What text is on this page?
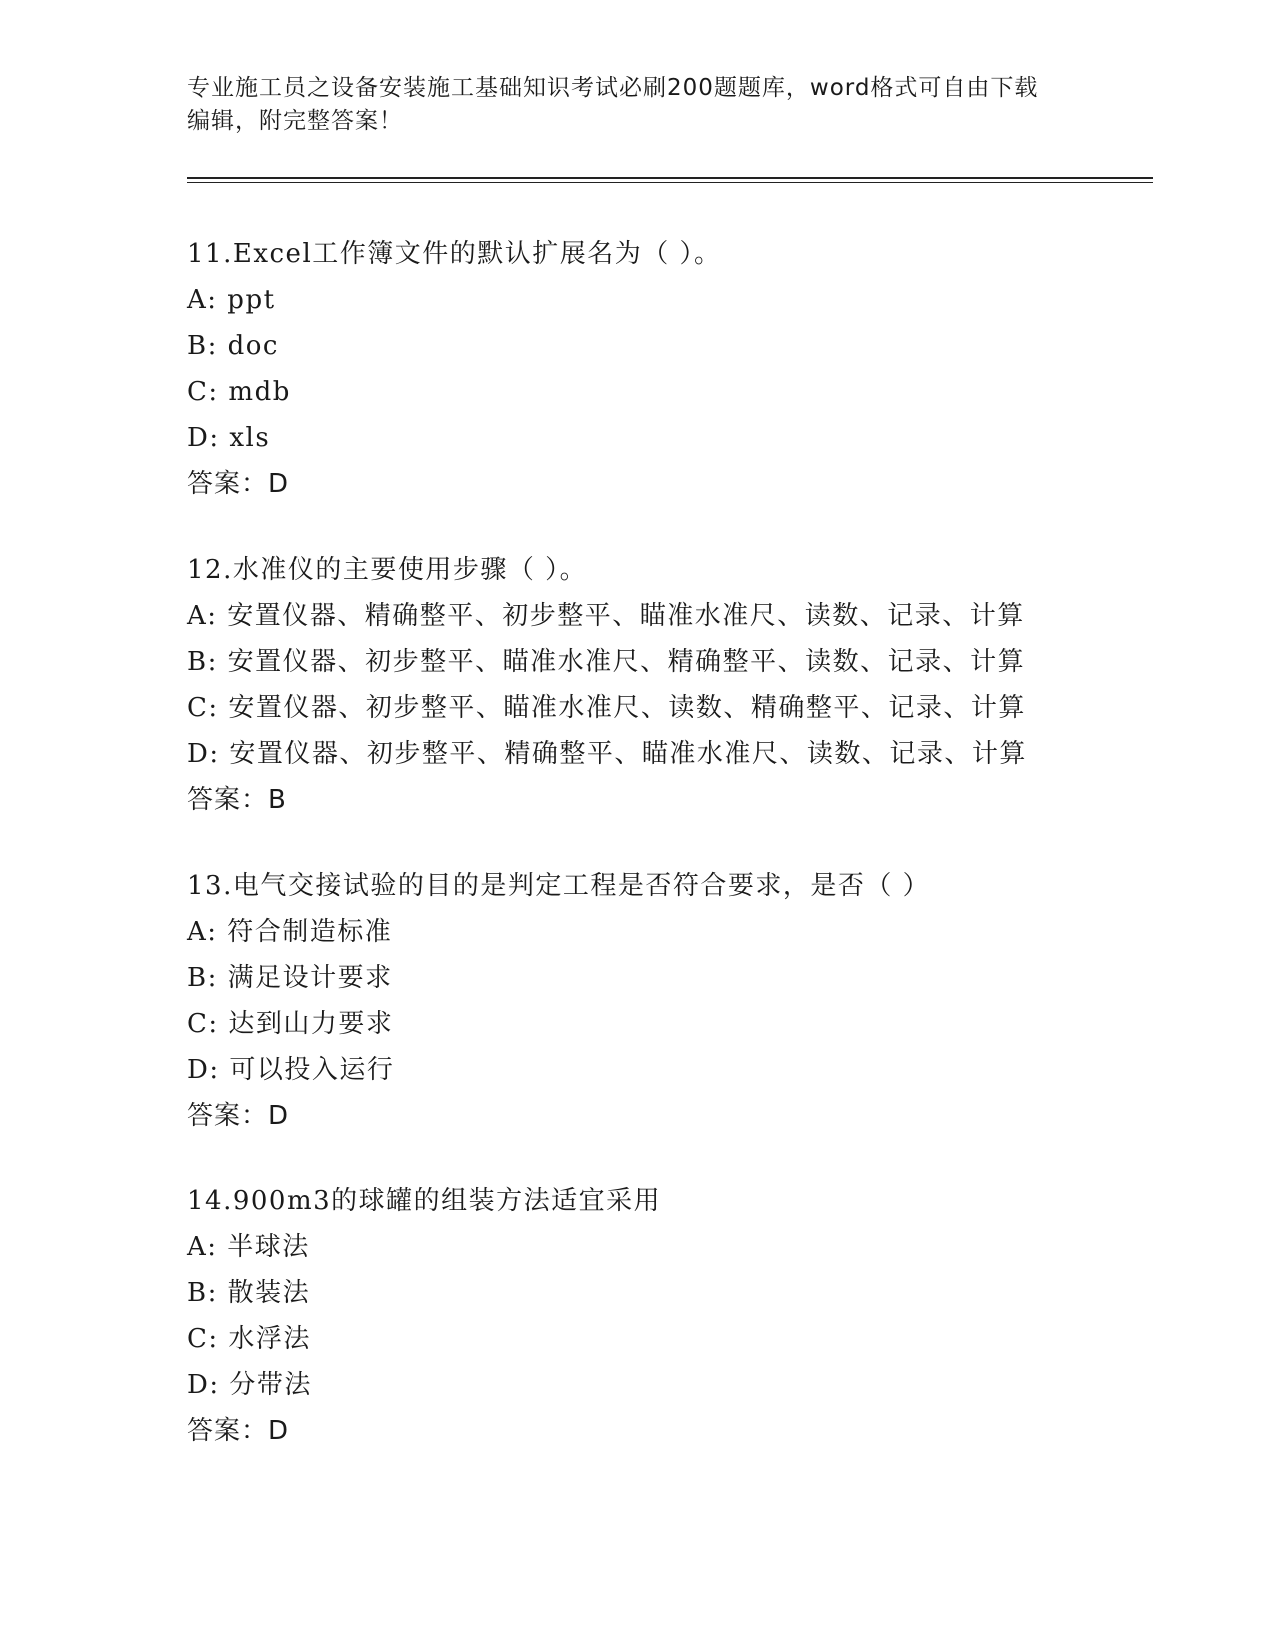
专业施工员之设备安装施工基础知识考试必刷200题题库，word格式可自由下载
编辑，附完整答案！
11.Excel工作簿文件的默认扩展名为（ ）。
A: ppt
B: doc
C: mdb
D: xls
答案：D
12.水准仪的主要使用步骤（ ）。
A: 安置仪器、精确整平、初步整平、瞄准水准尺、读数、记录、计算
B: 安置仪器、初步整平、瞄准水准尺、精确整平、读数、记录、计算
C: 安置仪器、初步整平、瞄准水准尺、读数、精确整平、记录、计算
D: 安置仪器、初步整平、精确整平、瞄准水准尺、读数、记录、计算
答案：B
13.电气交接试验的目的是判定工程是否符合要求，是否（ ）
A: 符合制造标准
B: 满足设计要求
C: 达到山力要求
D: 可以投入运行
答案：D
14.900m3的球罐的组装方法适宜采用
A: 半球法
B: 散装法
C: 水浮法
D: 分带法
答案：D
